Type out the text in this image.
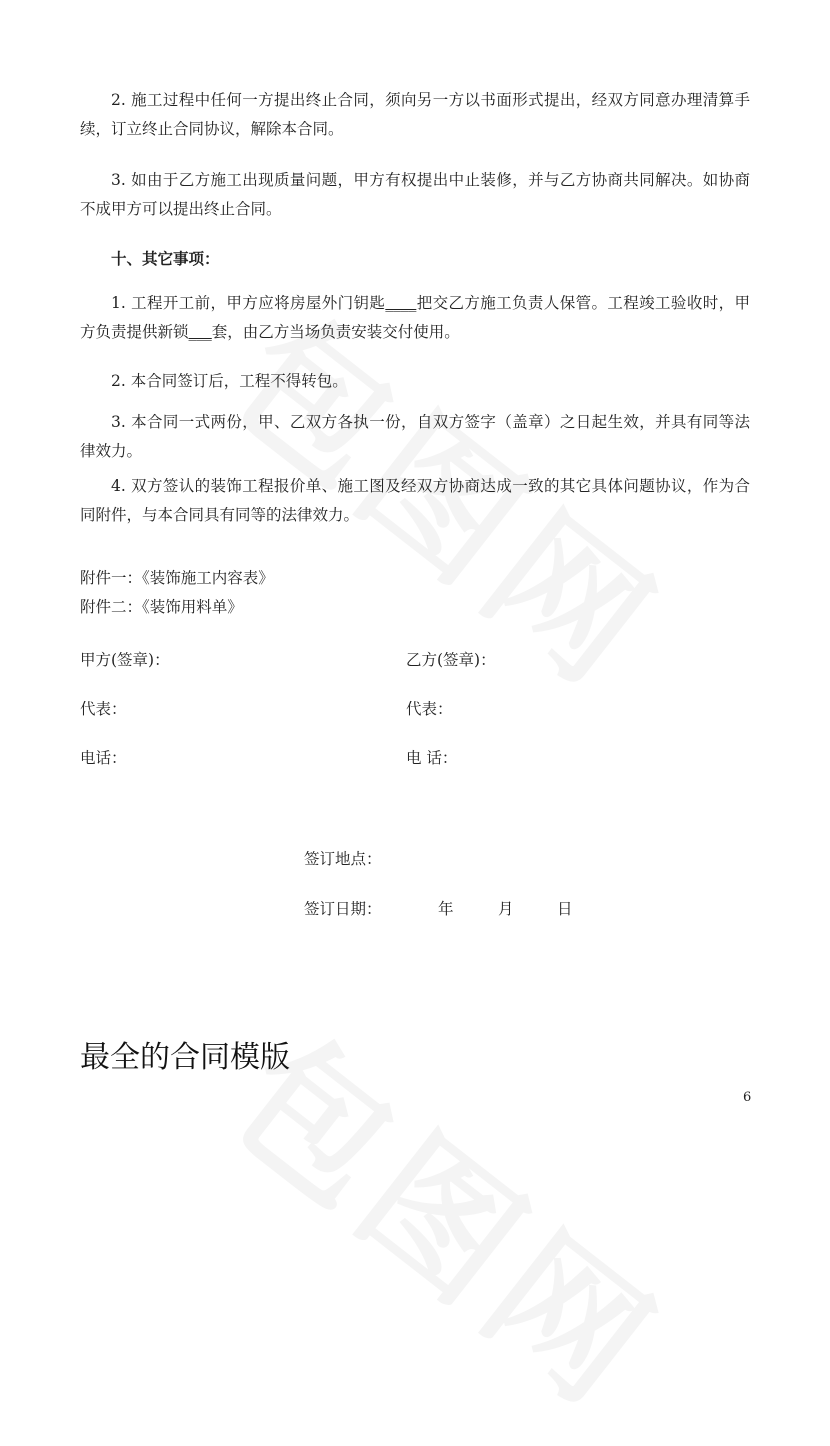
2. 施工过程中任何一方提出终止合同，须向另一方以书面形式提出，经双方同意办理清算手续，订立终止合同协议，解除本合同。
3. 如由于乙方施工出现质量问题，甲方有权提出中止装修，并与乙方协商共同解决。如协商不成甲方可以提出终止合同。
十、其它事项：
1. 工程开工前，甲方应将房屋外门钥匙____把交乙方施工负责人保管。工程竣工验收时，甲方负责提供新锁___套，由乙方当场负责安装交付使用。
2. 本合同签订后，工程不得转包。
3. 本合同一式两份，甲、乙双方各执一份，自双方签字（盖章）之日起生效，并具有同等法律效力。
4. 双方签认的装饰工程报价单、施工图及经双方协商达成一致的其它具体问题协议，作为合同附件，与本合同具有同等的法律效力。
附件一：《装饰施工内容表》
附件二：《装饰用料单》
甲方(签章)：	乙方(签章)：
代表：	代表：
电话：	电 话：
签订地点：
签订日期：	年	月	日
最全的合同模版
6
